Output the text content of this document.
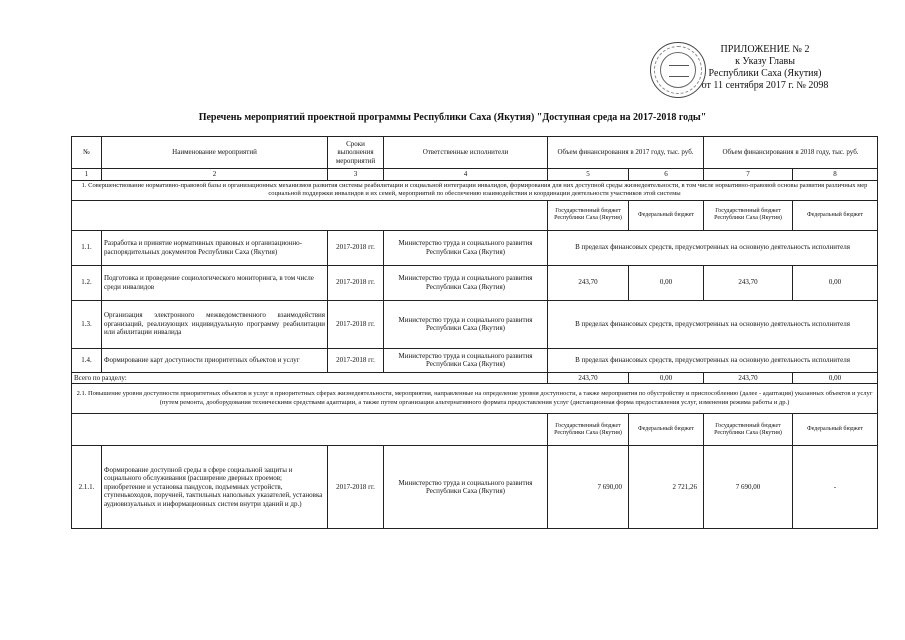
ПРИЛОЖЕНИЕ № 2
к Указу Главы
Республики Саха (Якутия)
от 11 сентября 2017 г. № 2098
Перечень мероприятий проектной программы Республики Саха (Якутия) "Доступная среда на 2017-2018 годы"
№	Наименование мероприятий	Сроки выполнения мероприятий	Ответственные исполнители	Объем финансирования в 2017 году, тыс. руб.		Объем финансирования в 2018 году, тыс. руб.	
1	2	3	4	5	6	7	8
1. Совершенствование нормативно-правовой базы и организационных механизмов развития системы реабилитации и социальной интеграции инвалидов, формирования для них доступной среды жизнедеятельности, в том числе нормативно-правовой основы развития различных мер социальной поддержки инвалидов и их семей, мероприятий по обеспечению взаимодействия и координации деятельности участников этой системы							
				Государственный бюджет Республики Саха (Якутия)	Федеральный бюджет	Государственный бюджет Республики Саха (Якутия)	Федеральный бюджет
1.1.	Разработка и принятие нормативных правовых и организационно-распорядительных документов Республики Саха (Якутия)	2017-2018 гг.	Министерство труда и социального развития Республики Саха (Якутия)	В пределах финансовых средств, предусмотренных на основную деятельность исполнителя			
1.2.	Подготовка и проведение социологического мониторинга, в том числе среди инвалидов	2017-2018 гг.	Министерство труда и социального развития Республики Саха (Якутия)	243,70	0,00	243,70	0,00
1.3.	Организация электронного межведомственного взаимодействия организаций, реализующих индивидуальную программу реабилитации или абилитации инвалида	2017-2018 гг.	Министерство труда и социального развития Республики Саха (Якутия)	В пределах финансовых средств, предусмотренных на основную деятельность исполнителя			
1.4.	Формирование карт доступности приоритетных объектов и услуг	2017-2018 гг.	Министерство труда и социального развития Республики Саха (Якутия)	В пределах финансовых средств, предусмотренных на основную деятельность исполнителя			
Всего по разделу:				243,70	0,00	243,70	0,00
2.1. Повышение уровня доступности приоритетных объектов и услуг в приоритетных сферах жизнедеятельности, мероприятия, направленные на определение уровня доступности, а также мероприятия по обустройству и приспособлению (далее - адаптация) указанных объектов и услуг (путем ремонта, дооборудования техническими средствами адаптации, а также путем организации альтернативного формата предоставления услуг (дистанционная форма предоставления услуг, изменения режима работы и др.)							
				Государственный бюджет Республики Саха (Якутия)	Федеральный бюджет	Государственный бюджет Республики Саха (Якутия)	Федеральный бюджет
2.1.1.	Формирование доступной среды в сфере социальной защиты и социального обслуживания (расширение дверных проемов; приобретение и установка пандусов, подъемных устройств, ступенькоходов, поручней, тактильных напольных указателей, установка аудиовизуальных и информационных систем внутри зданий и др.)	2017-2018 гг.	Министерство труда и социального развития Республики Саха (Якутия)	7 690,00	2 721,26	7 690,00	-
